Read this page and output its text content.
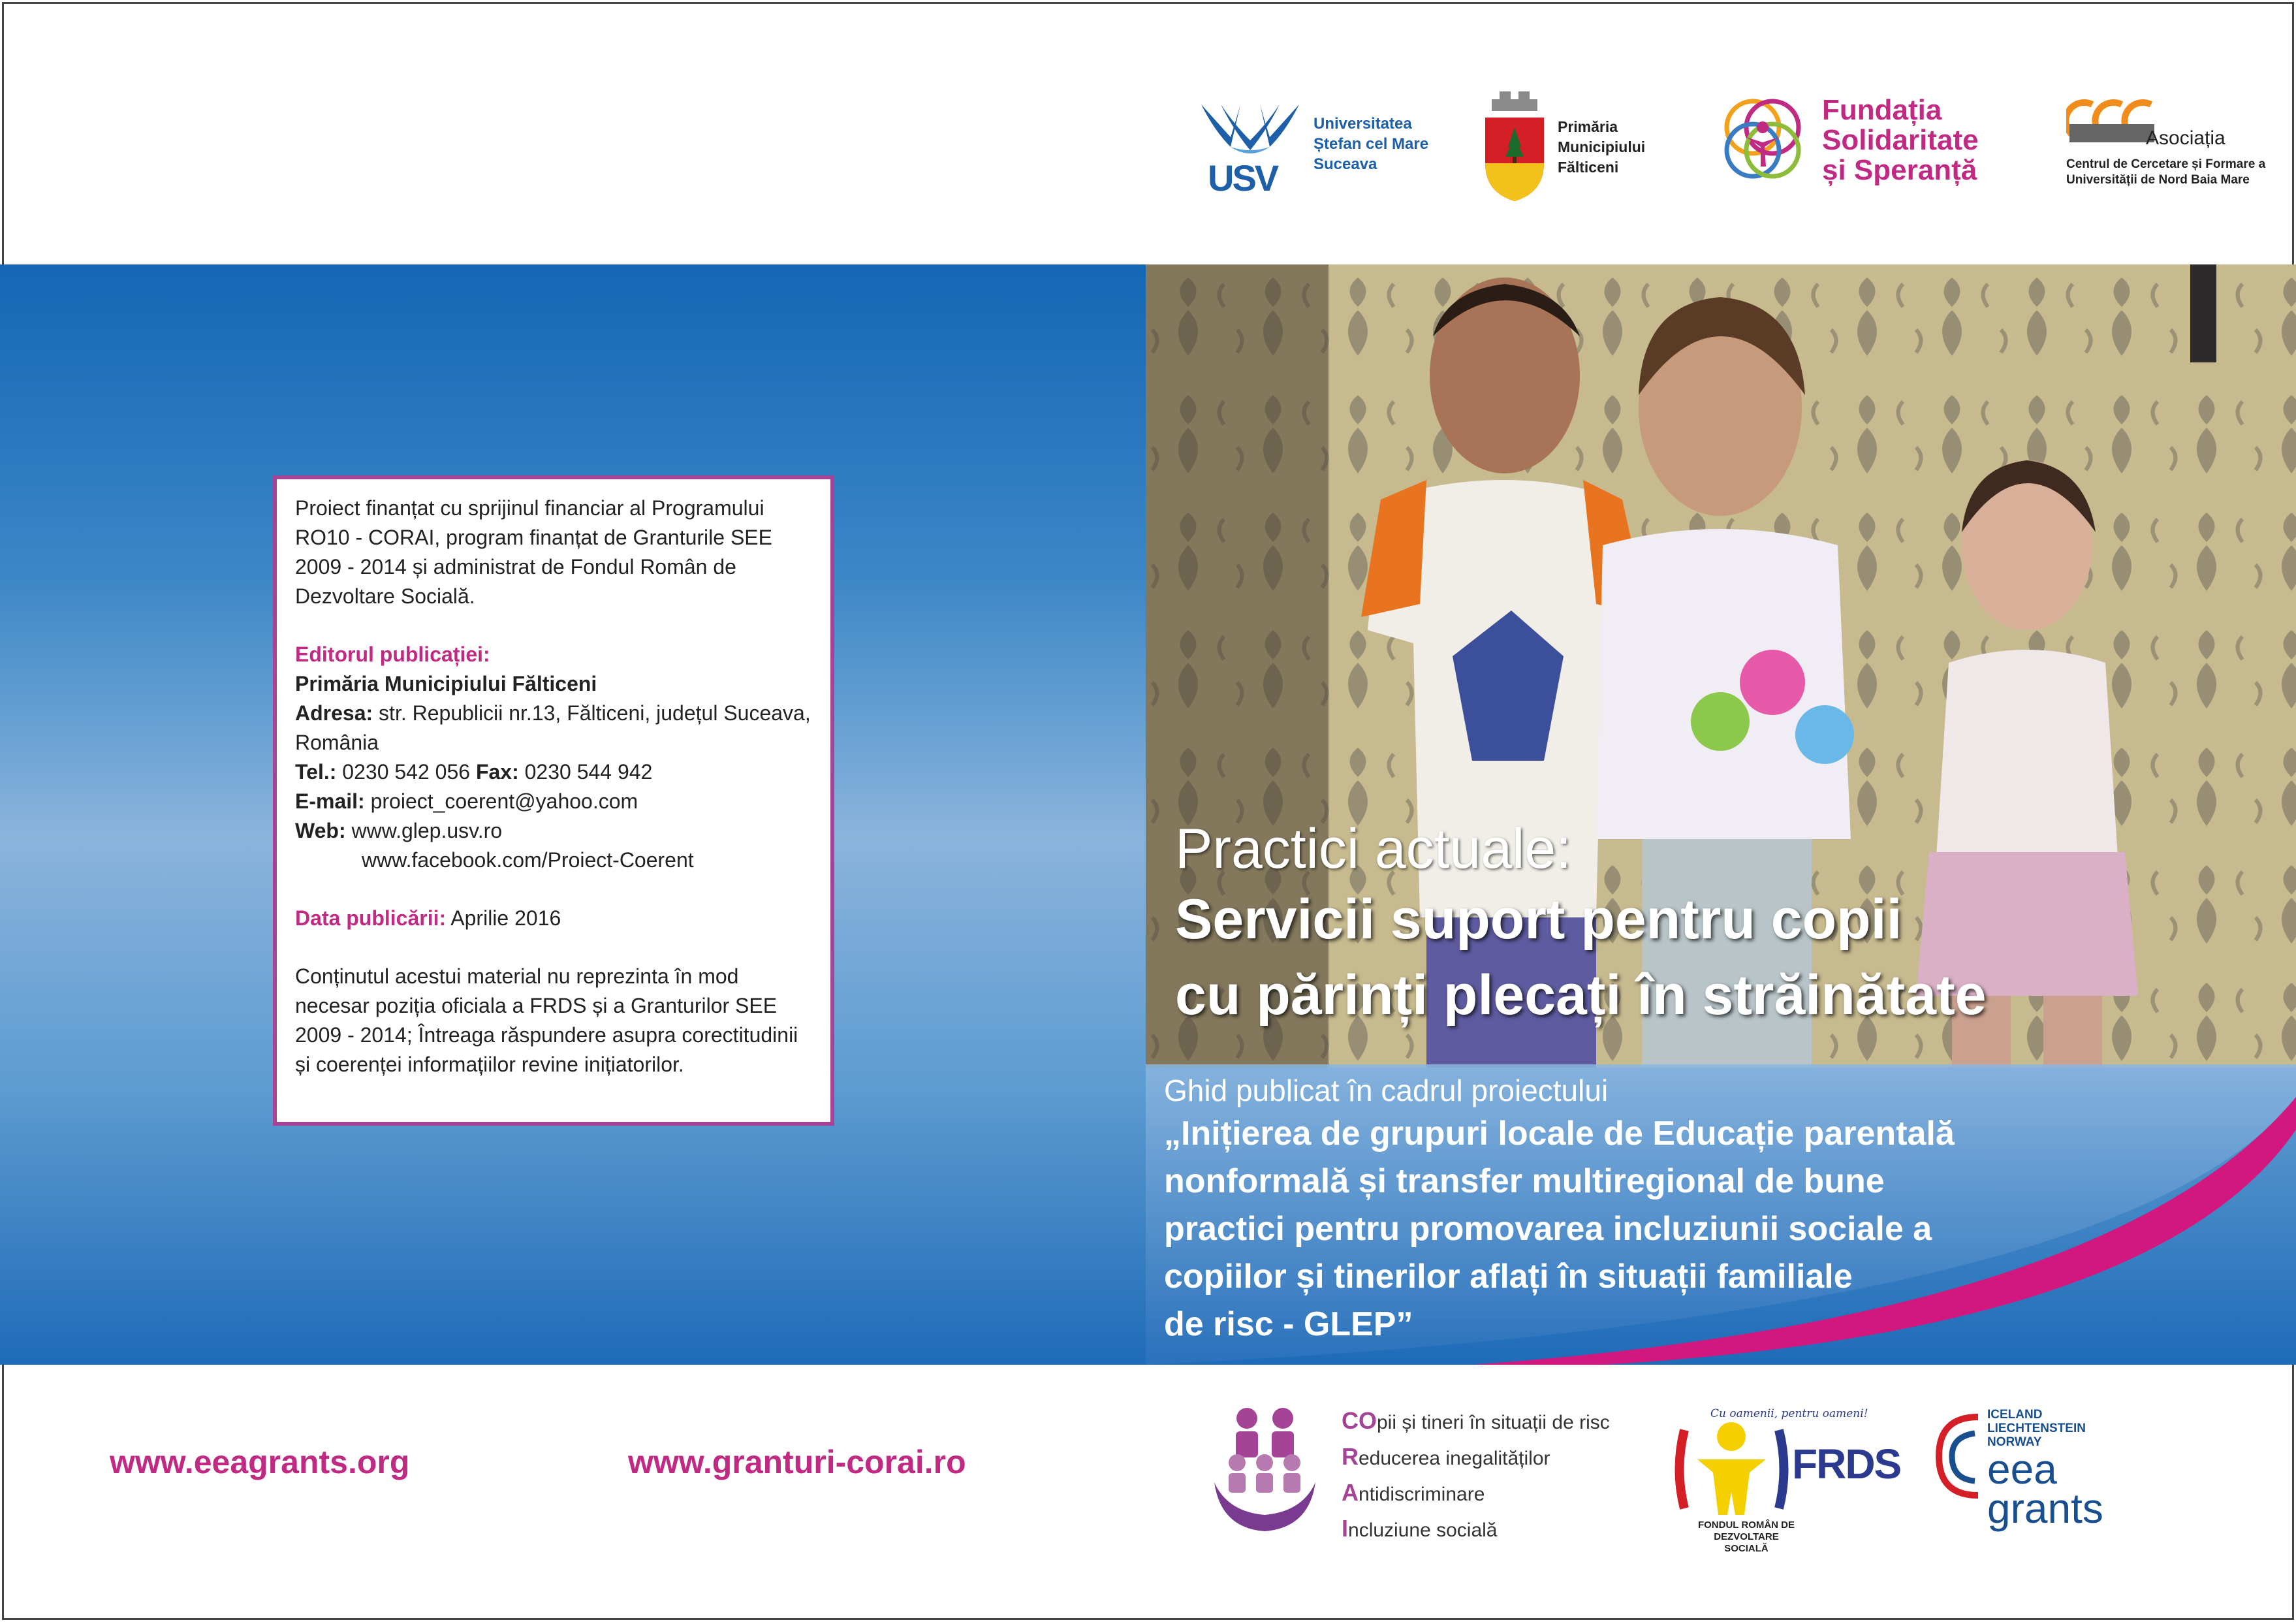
USV
Universitatea
Ștefan cel Mare
Suceava
Primăria
Municipiului
Fălticeni
Fundația
Solidaritate
și Speranță
Asociația
Centrul de Cercetare și Formare a
Universității de Nord Baia Mare

Proiect finanțat cu sprijinul financiar al Programului RO10 - CORAI, program finanțat de Granturile SEE 2009 - 2014 și administrat de Fondul Român de Dezvoltare Socială.

Editorul publicației:
Primăria Municipiului Fălticeni
Adresa: str. Republicii nr.13, Fălticeni, județul Suceava, România
Tel.: 0230 542 056 Fax: 0230 544 942
E-mail: proiect_coerent@yahoo.com
Web: www.glep.usv.ro
www.facebook.com/Proiect-Coerent

Data publicării: Aprilie 2016

Conținutul acestui material nu reprezinta în mod necesar poziția oficiala a FRDS și a Granturilor SEE 2009 - 2014; Întreaga răspundere asupra corectitudinii și coerenței informațiilor revine inițiatorilor.

Practici actuale:
Servicii suport pentru copii
cu părinți plecați în străinătate
Ghid publicat în cadrul proiectului
„Inițierea de grupuri locale de Educație parentală
nonformală și transfer multiregional de bune
practici pentru promovarea incluziunii sociale a
copiilor și tinerilor aflați în situații familiale
de risc - GLEP”
www.eeagrants.org	www.granturi-corai.ro
COpii și tineri în situații de risc
Reducerea inegalităților
Antidiscriminare
Incluziune socială
Cu oamenii, pentru oameni!
FRDS
FONDUL ROMÂN DE DEZVOLTARE SOCIALĂ
ICELAND
LIECHTENSTEIN
NORWAY
eea
grants
